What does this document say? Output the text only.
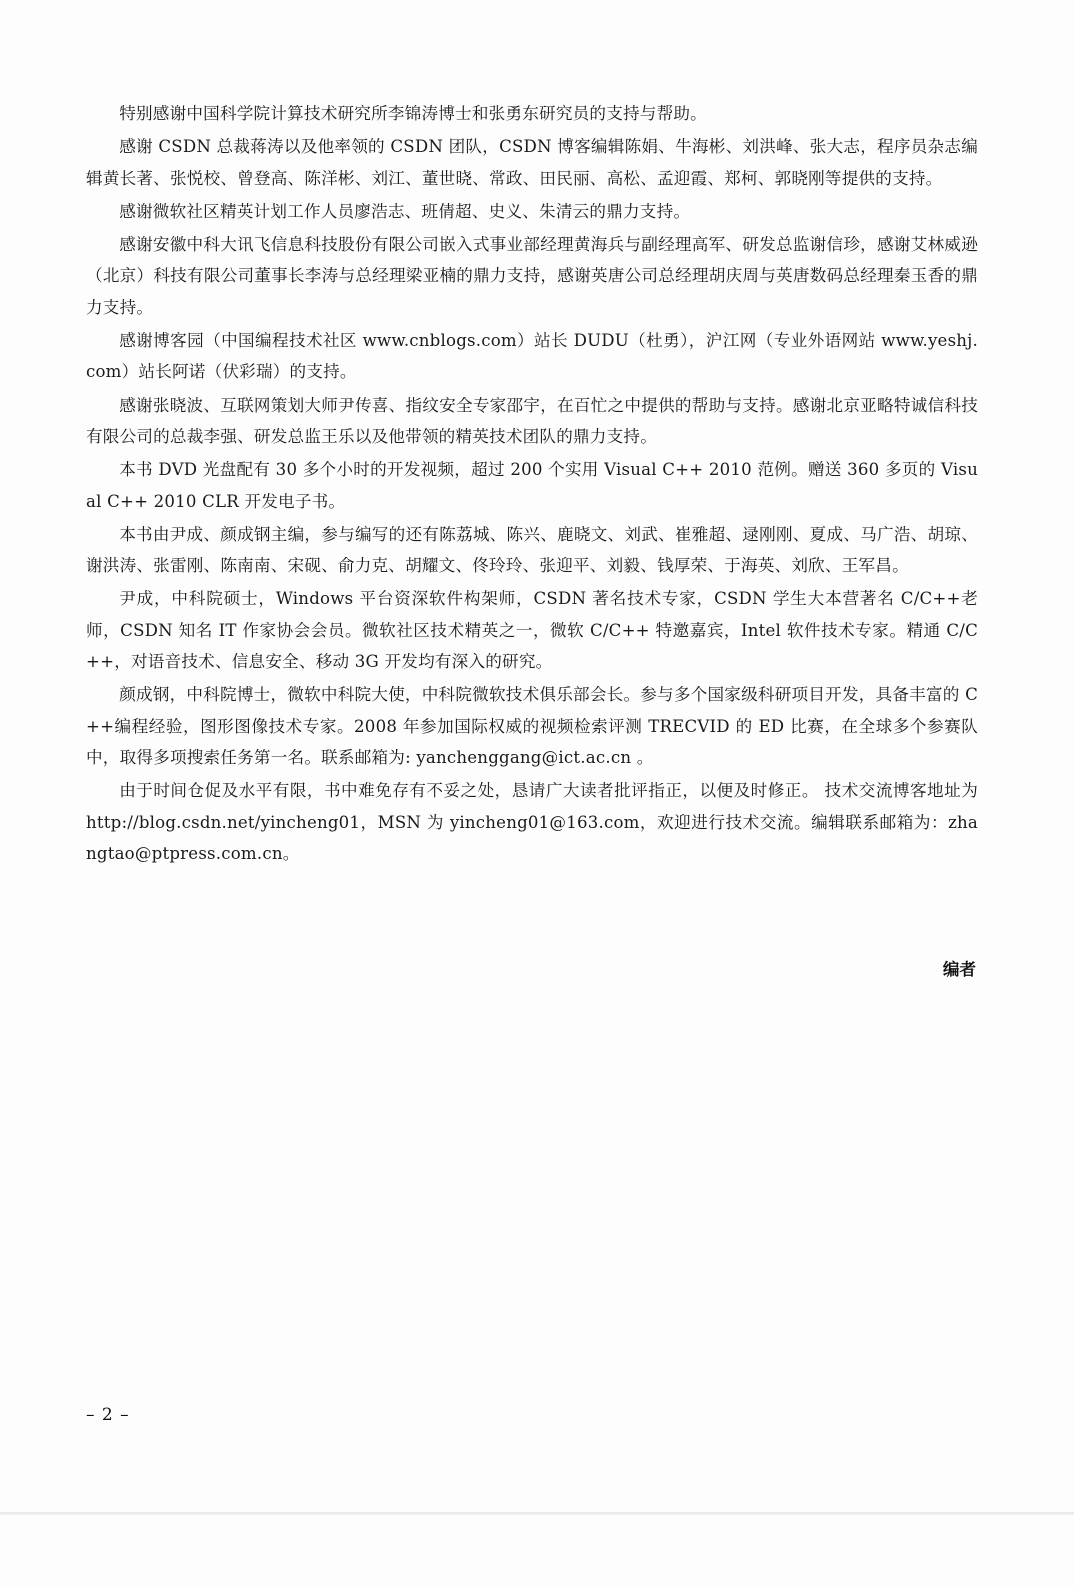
特别感谢中国科学院计算技术研究所李锦涛博士和张勇东研究员的支持与帮助。

感谢 CSDN 总裁蒋涛以及他率领的 CSDN 团队，CSDN 博客编辑陈娟、牛海彬、刘洪峰、张大志，程序员杂志编辑黄长著、张悦校、曾登高、陈洋彬、刘江、董世晓、常政、田民丽、高松、孟迎霞、郑柯、郭晓刚等提供的支持。

感谢微软社区精英计划工作人员廖浩志、班倩超、史义、朱清云的鼎力支持。

感谢安徽中科大讯飞信息科技股份有限公司嵌入式事业部经理黄海兵与副经理高军、研发总监谢信珍，感谢艾林威逊（北京）科技有限公司董事长李涛与总经理梁亚楠的鼎力支持，感谢英唐公司总经理胡庆周与英唐数码总经理秦玉香的鼎力支持。

感谢博客园（中国编程技术社区 www.cnblogs.com）站长 DUDU（杜勇），沪江网（专业外语网站 www.yeshj.com）站长阿诺（伏彩瑞）的支持。

感谢张晓波、互联网策划大师尹传喜、指纹安全专家邵宇，在百忙之中提供的帮助与支持。感谢北京亚略特诚信科技有限公司的总裁李强、研发总监王乐以及他带领的精英技术团队的鼎力支持。

本书 DVD 光盘配有 30 多个小时的开发视频，超过 200 个实用 Visual C++ 2010 范例。赠送 360 多页的 Visual C++ 2010 CLR 开发电子书。

本书由尹成、颜成钢主编，参与编写的还有陈荔城、陈兴、鹿晓文、刘武、崔雅超、逯刚刚、夏成、马广浩、胡琼、谢洪涛、张雷刚、陈南南、宋砚、俞力克、胡耀文、佟玲玲、张迎平、刘毅、钱厚荣、于海英、刘欣、王军昌。

尹成，中科院硕士，Windows 平台资深软件构架师，CSDN 著名技术专家，CSDN 学生大本营著名 C/C++老师，CSDN 知名 IT 作家协会会员。微软社区技术精英之一，微软 C/C++ 特邀嘉宾，Intel 软件技术专家。精通 C/C++，对语音技术、信息安全、移动 3G 开发均有深入的研究。

颜成钢，中科院博士，微软中科院大使，中科院微软技术俱乐部会长。参与多个国家级科研项目开发，具备丰富的 C++编程经验，图形图像技术专家。2008 年参加国际权威的视频检索评测 TRECVID 的 ED 比赛，在全球多个参赛队中，取得多项搜索任务第一名。联系邮箱为: yanchenggang@ict.ac.cn 。

由于时间仓促及水平有限，书中难免存有不妥之处，恳请广大读者批评指正，以便及时修正。 技术交流博客地址为 http://blog.csdn.net/yincheng01，MSN 为 yincheng01@163.com，欢迎进行技术交流。编辑联系邮箱为：zhangtao@ptpress.com.cn。

编者
– 2 –
